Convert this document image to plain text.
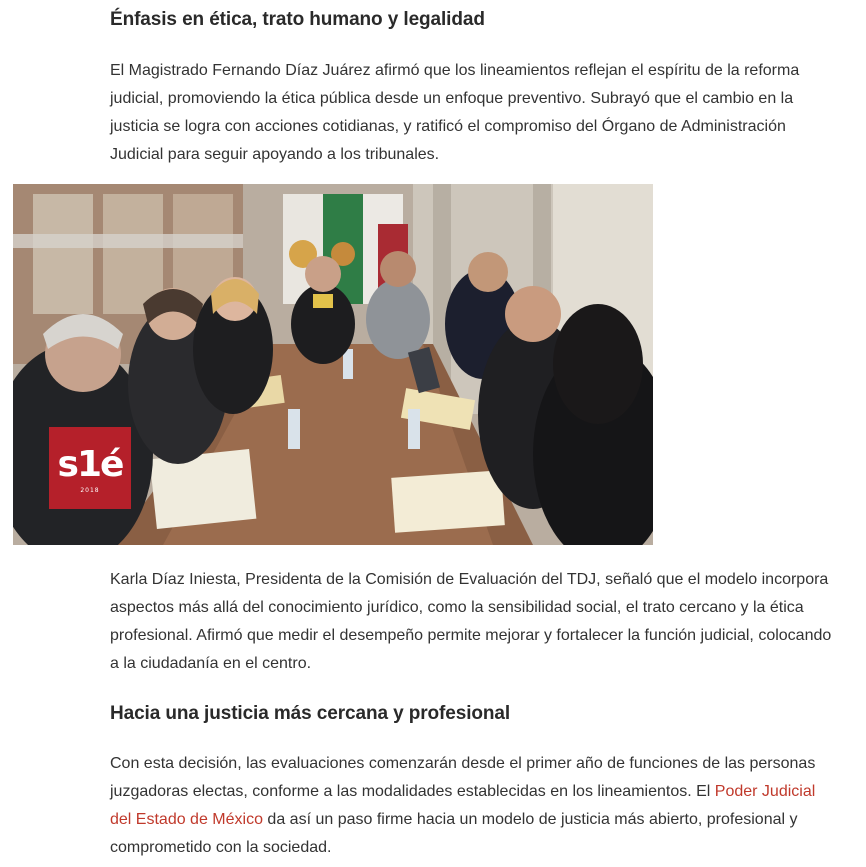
Énfasis en ética, trato humano y legalidad

El Magistrado Fernando Díaz Juárez afirmó que los lineamientos reflejan el espíritu de la reforma judicial, promoviendo la ética pública desde un enfoque preventivo. Subrayó que el cambio en la justicia se logra con acciones cotidianas, y ratificó el compromiso del Órgano de Administración Judicial para seguir apoyando a los tribunales.

s1é
2018

Karla Díaz Iniesta, Presidenta de la Comisión de Evaluación del TDJ, señaló que el modelo incorpora aspectos más allá del conocimiento jurídico, como la sensibilidad social, el trato cercano y la ética profesional. Afirmó que medir el desempeño permite mejorar y fortalecer la función judicial, colocando a la ciudadanía en el centro.

Hacia una justicia más cercana y profesional

Con esta decisión, las evaluaciones comenzarán desde el primer año de funciones de las personas juzgadoras electas, conforme a las modalidades establecidas en los lineamientos. El Poder Judicial del Estado de México da así un paso firme hacia un modelo de justicia más abierto, profesional y comprometido con la sociedad.
